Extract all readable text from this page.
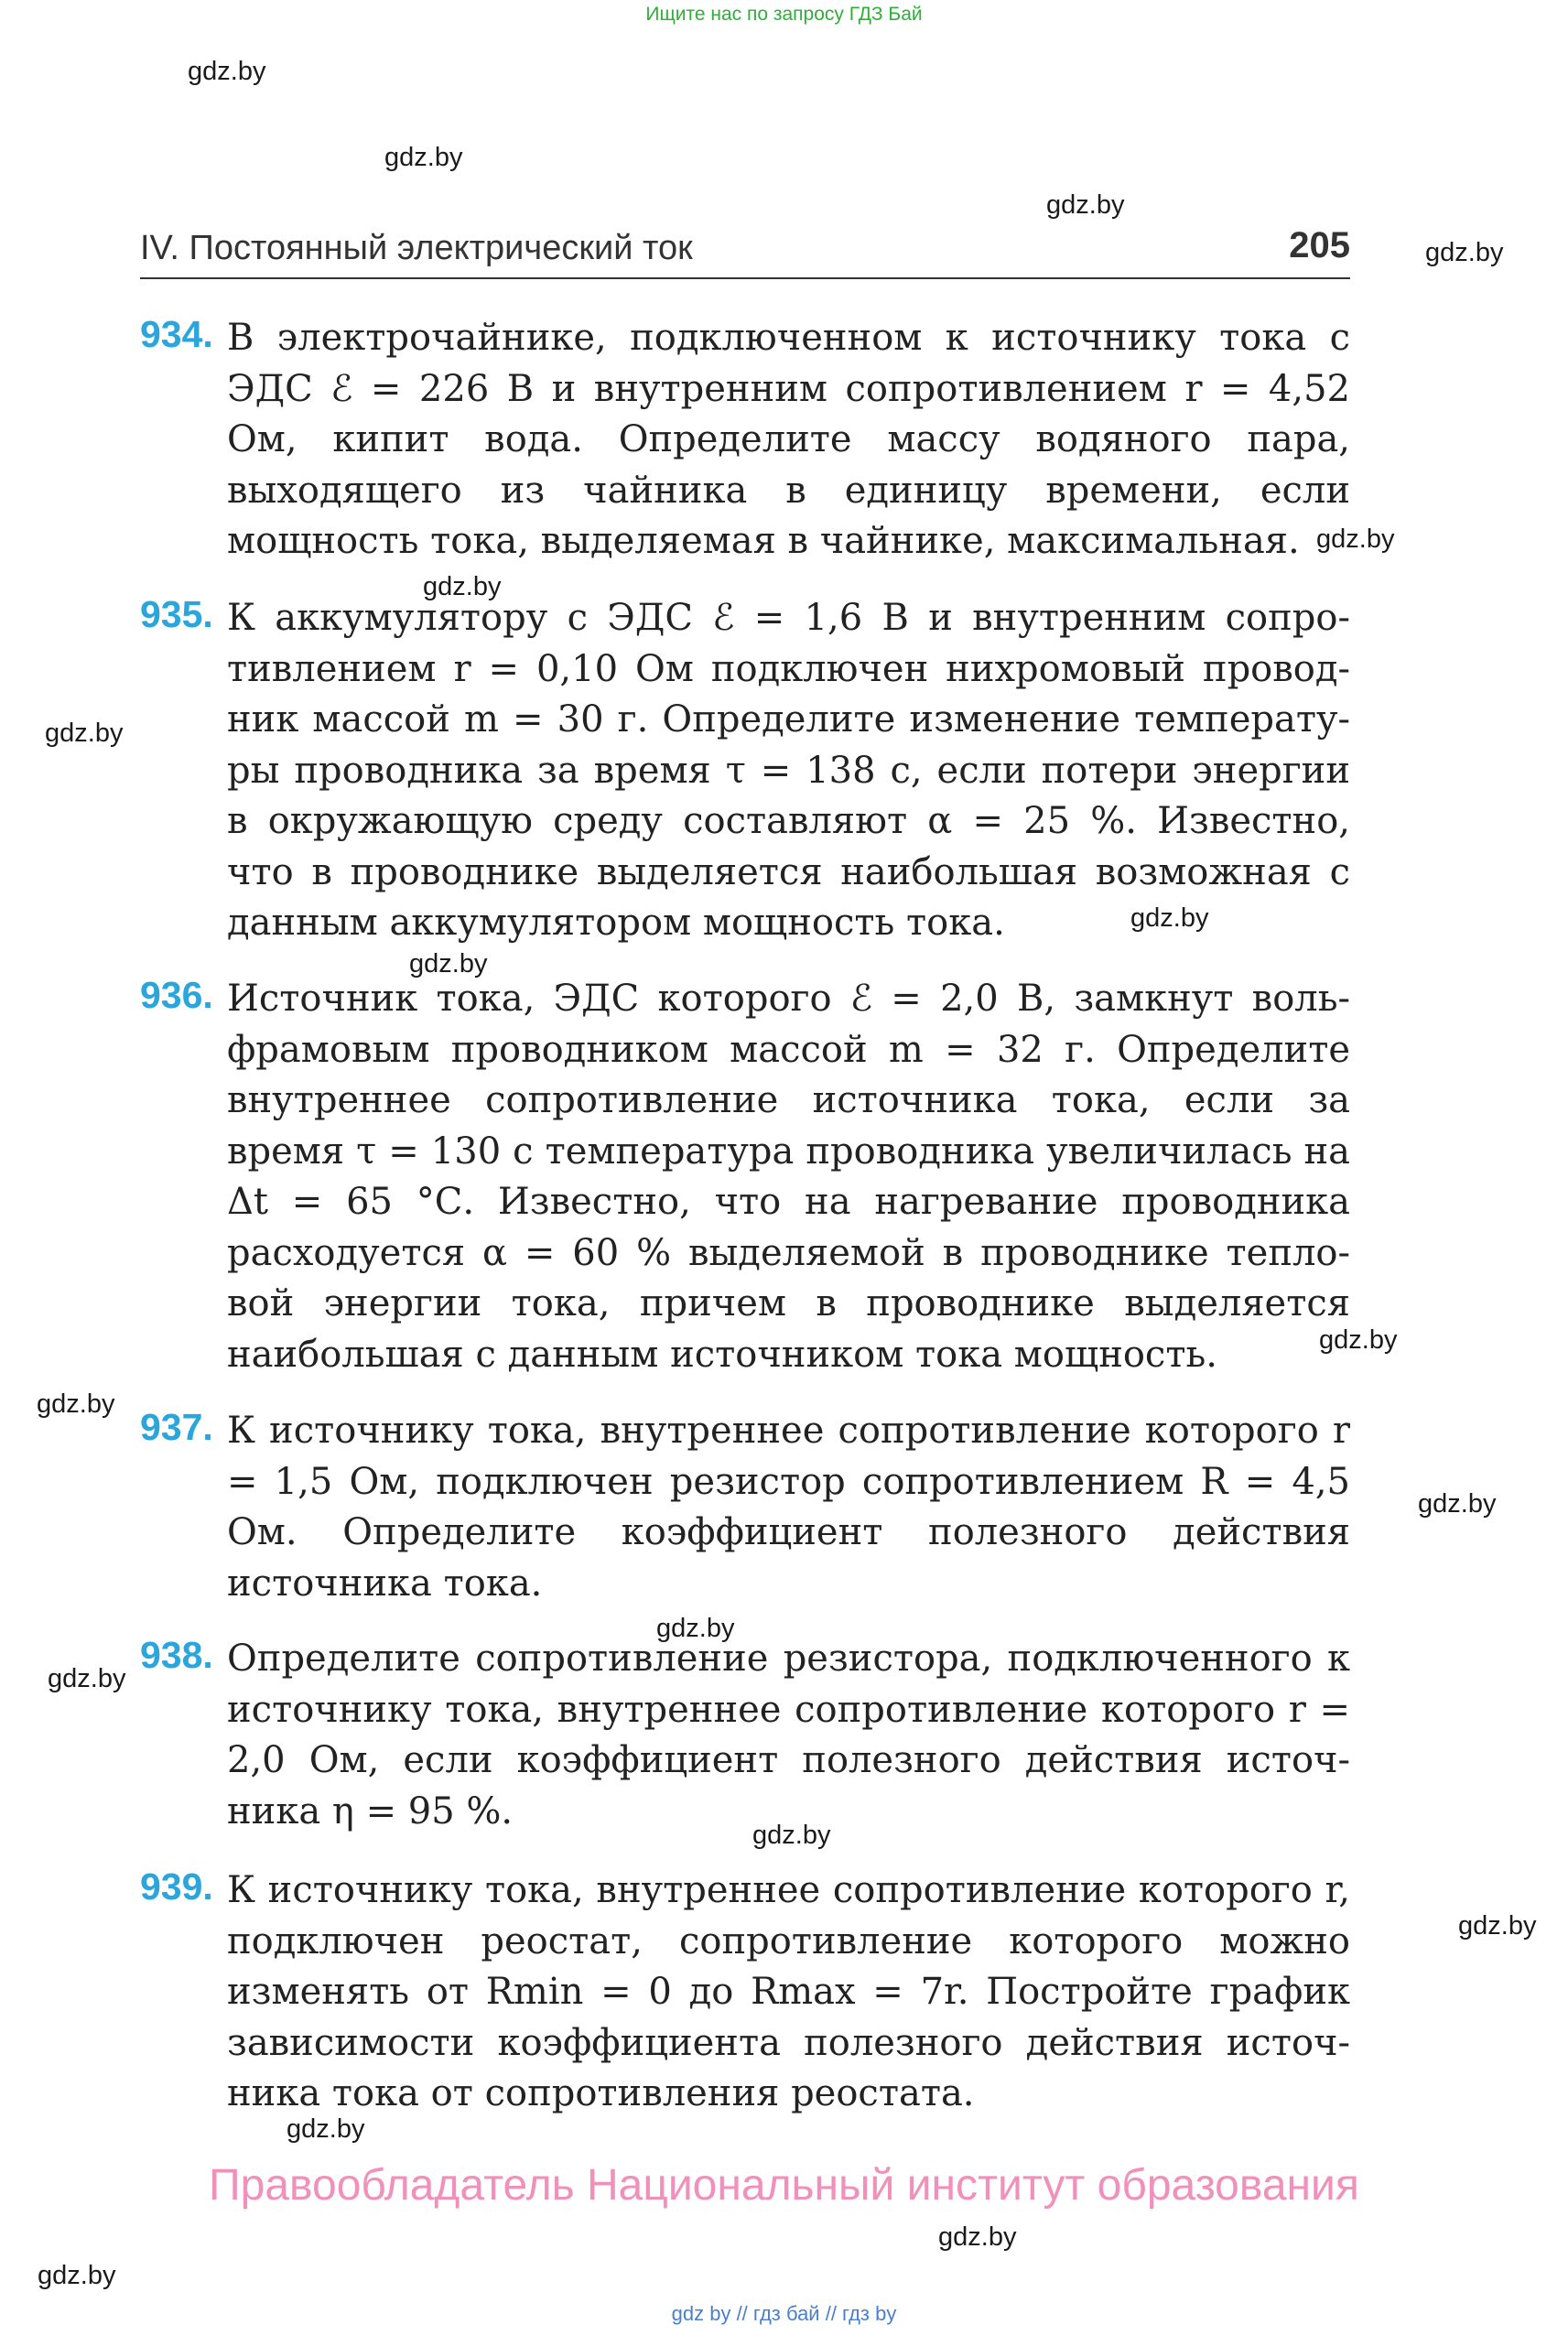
Ищите нас по запросу ГДЗ Бай
gdz.by
gdz.by
gdz.by
gdz.by
IV. Постоянный электрический ток	205
934. В электрочайнике, подключенном к источнику тока с ЭДС ℰ = 226 В и внутренним сопротивлением r = 4,52 Ом, кипит вода. Определите массу водяного пара, выходящего из чайника в единицу времени, если мощность тока, выделяемая в чайнике, максимальная.
935. К аккумулятору с ЭДС ℰ = 1,6 В и внутренним сопротивлением r = 0,10 Ом подключен нихромовый проводник массой m = 30 г. Определите изменение температуры проводника за время τ = 138 с, если потери энергии в окружающую среду составляют α = 25 %. Известно, что в проводнике выделяется наибольшая возможная с данным аккумулятором мощность тока.
936. Источник тока, ЭДС которого ℰ = 2,0 В, замкнут вольфрамовым проводником массой m = 32 г. Определите внутреннее сопротивление источника тока, если за время τ = 130 с температура проводника увеличилась на Δt = 65 °С. Известно, что на нагревание проводника расходуется α = 60 % выделяемой в проводнике тепловой энергии тока, причем в проводнике выделяется наибольшая с данным источником тока мощность.
937. К источнику тока, внутреннее сопротивление которого r = 1,5 Ом, подключен резистор сопротивлением R = 4,5 Ом. Определите коэффициент полезного действия источника тока.
938. Определите сопротивление резистора, подключенного к источнику тока, внутреннее сопротивление которого r = 2,0 Ом, если коэффициент полезного действия источника η = 95 %.
939. К источнику тока, внутреннее сопротивление которого r, подключен реостат, сопротивление которого можно изменять от Rmin = 0 до Rmax = 7r. Постройте график зависимости коэффициента полезного действия источника тока от сопротивления реостата.
gdz.by
gdz.by
gdz.by
gdz.by
gdz.by
gdz.by
gdz.by
gdz.by
gdz.by
gdz.by
gdz.by
gdz.by
gdz.by
Правообладатель Национальный институт образования
gdz.by
gdz.by
gdz by // гдз бай // гдз by
